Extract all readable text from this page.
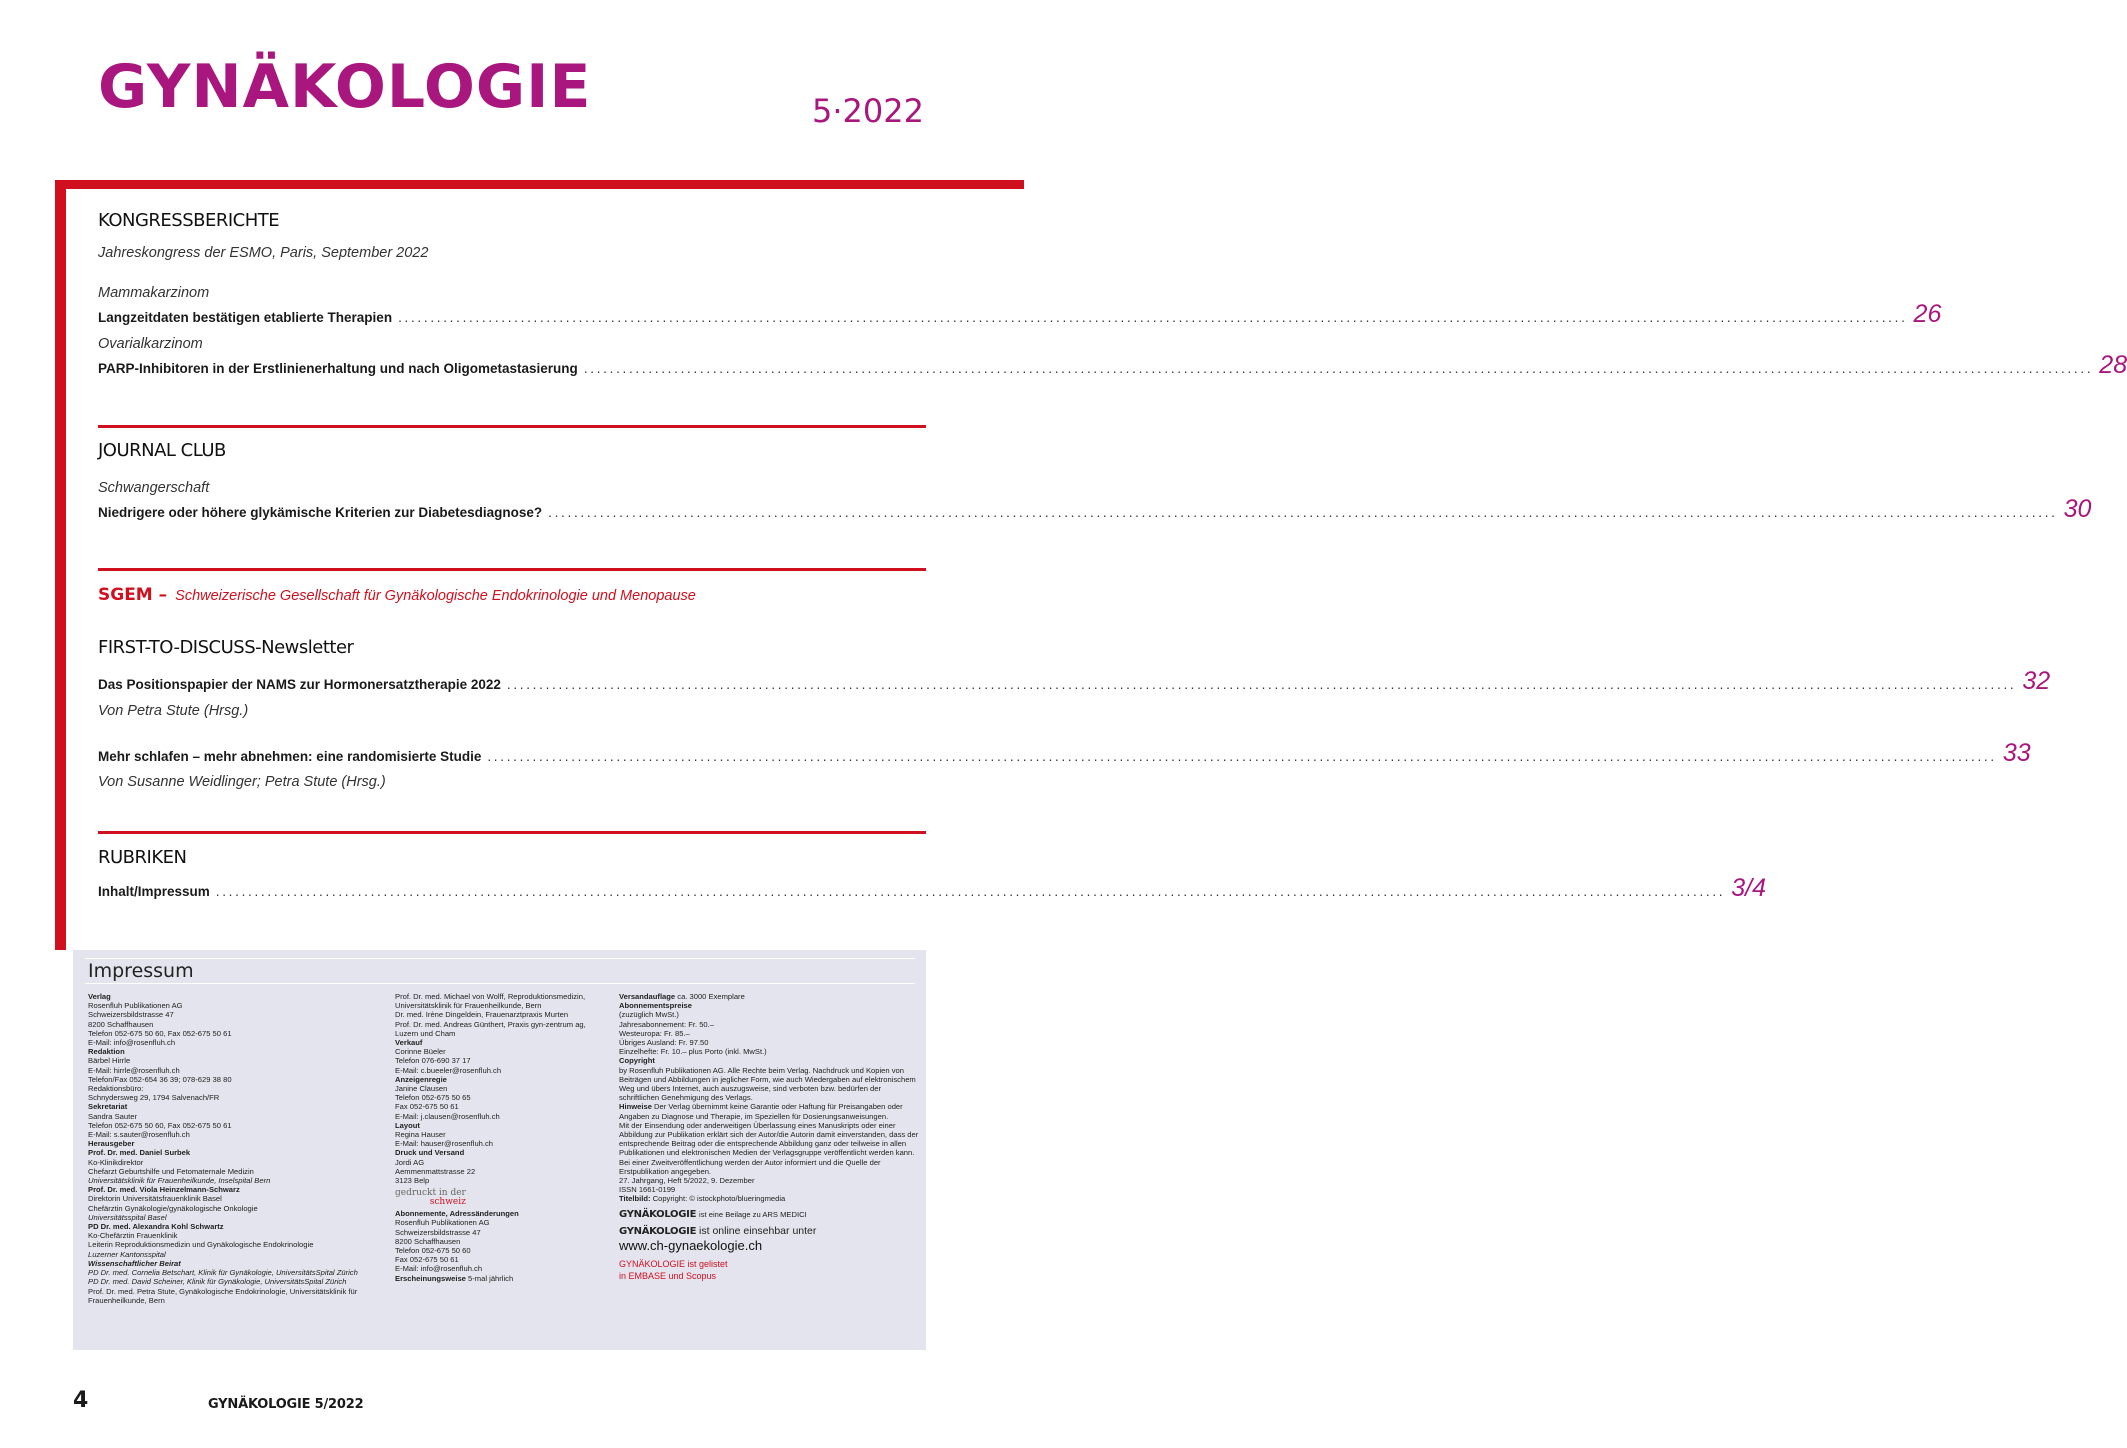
GYNÄKOLOGIE	5·2022
KONGRESSBERICHTE
Jahreskongress der ESMO, Paris, September 2022
Mammakarzinom
Langzeitdaten bestätigen etablierte Therapien .......................................................................................................................................................................................................................................... 26
Ovarialkarzinom
PARP-Inhibitoren in der Erstlinienerhaltung und nach Oligometastasierung .......................................................................................................................................................................................................................................... 28
JOURNAL CLUB
Schwangerschaft
Niedrigere oder höhere glykämische Kriterien zur Diabetesdiagnose? .......................................................................................................................................................................................................................................... 30
SGEM – Schweizerische Gesellschaft für Gynäkologische Endokrinologie und Menopause
FIRST-TO-DISCUSS-Newsletter
Das Positionspapier der NAMS zur Hormonersatztherapie 2022 .......................................................................................................................................................................................................................................... 32
Von Petra Stute (Hrsg.)
Mehr schlafen – mehr abnehmen: eine randomisierte Studie .......................................................................................................................................................................................................................................... 33
Von Susanne Weidlinger; Petra Stute (Hrsg.)
RUBRIKEN
Inhalt/Impressum .......................................................................................................................................................................................................................................... 3/4
Impressum
Verlag
Rosenfluh Publikationen AG
Schweizersbildstrasse 47
8200 Schaffhausen
Telefon 052-675 50 60, Fax 052-675 50 61
E-Mail: info@rosenfluh.ch
Redaktion
Bärbel Hirrle
E-Mail: hirrle@rosenfluh.ch
Telefon/Fax 052-654 36 39; 078-629 38 80
Redaktionsbüro:
Schnydersweg 29, 1794 Salvenach/FR
Sekretariat
Sandra Sauter
Telefon 052-675 50 60, Fax 052-675 50 61
E-Mail: s.sauter@rosenfluh.ch
Herausgeber
Prof. Dr. med. Daniel Surbek
Ko-Klinikdirektor
Chefarzt Geburtshilfe und Fetomaternale Medizin
Universitätsklinik für Frauenheilkunde, Inselspital Bern
Prof. Dr. med. Viola Heinzelmann-Schwarz
Direktorin Universitätsfrauenklinik Basel
Chefärztin Gynäkologie/gynäkologische Onkologie
Universitätsspital Basel
PD Dr. med. Alexandra Kohl Schwartz
Ko-Chefärztin Frauenklinik
Leiterin Reproduktionsmedizin und Gynäkologische Endokrinologie
Luzerner Kantonsspital
Wissenschaftlicher Beirat
PD Dr. med. Cornelia Betschart, Klinik für Gynäkologie, UniversitätsSpital Zürich
PD Dr. med. David Scheiner, Klinik für Gynäkologie, UniversitätsSpital Zürich
Prof. Dr. med. Petra Stute, Gynäkologische Endokrinologie, Universitätsklinik für Frauenheilkunde, Bern
Prof. Dr. med. Michael von Wolff, Reproduktionsmedizin, Universitätsklinik für Frauenheilkunde, Bern
Dr. med. Irène Dingeldein, Frauenarztpraxis Murten
Prof. Dr. med. Andreas Günthert, Praxis gyn-zentrum ag, Luzern und Cham
Verkauf
Corinne Büeler
Telefon 076-690 37 17
E-Mail: c.bueeler@rosenfluh.ch
Anzeigenregie
Janine Clausen
Telefon 052-675 50 65
Fax 052-675 50 61
E-Mail: j.clausen@rosenfluh.ch
Layout
Regina Hauser
E-Mail: hauser@rosenfluh.ch
Druck und Versand
Jordi AG
Aemmenmattstrasse 22
3123 Belp
gedruckt in der
schweiz
Abonnemente, Adressänderungen
Rosenfluh Publikationen AG
Schweizersbildstrasse 47
8200 Schaffhausen
Telefon 052-675 50 60
Fax 052-675 50 61
E-Mail: info@rosenfluh.ch
Erscheinungsweise 5-mal jährlich
Versandauflage ca. 3000 Exemplare
Abonnementspreise
(zuzüglich MwSt.)
Jahresabonnement: Fr. 50.–
Westeuropa: Fr. 85.–
Übriges Ausland: Fr. 97.50
Einzelhefte: Fr. 10.– plus Porto (inkl. MwSt.)
Copyright
by Rosenfluh Publikationen AG. Alle Rechte beim Verlag. Nachdruck und Kopien von Beiträgen und Abbildungen in jeglicher Form, wie auch Wiedergaben auf elektronischem Weg und übers Internet, auch auszugsweise, sind verboten bzw. bedürfen der schriftlichen Genehmigung des Verlags.
Hinweise Der Verlag übernimmt keine Garantie oder Haftung für Preisangaben oder Angaben zu Diagnose und Therapie, im Speziellen für Dosierungsanweisungen.
Mit der Einsendung oder anderweitigen Überlassung eines Manuskripts oder einer Abbildung zur Publikation erklärt sich der Autor/die Autorin damit einverstanden, dass der entsprechende Beitrag oder die entsprechende Abbildung ganz oder teilweise in allen Publikationen und elektronischen Medien der Verlagsgruppe veröffentlicht werden kann. Bei einer Zweitveröffentlichung werden der Autor informiert und die Quelle der Erstpublikation angegeben.
27. Jahrgang, Heft 5/2022, 9. Dezember
ISSN 1661-0199
Titelbild: Copyright: © istockphoto/blueringmedia
GYNÄKOLOGIE ist eine Beilage zu ARS MEDICI
GYNÄKOLOGIE ist online einsehbar unter
www.ch-gynaekologie.ch
GYNÄKOLOGIE ist gelistet
in EMBASE und Scopus
4	GYNÄKOLOGIE 5/2022
